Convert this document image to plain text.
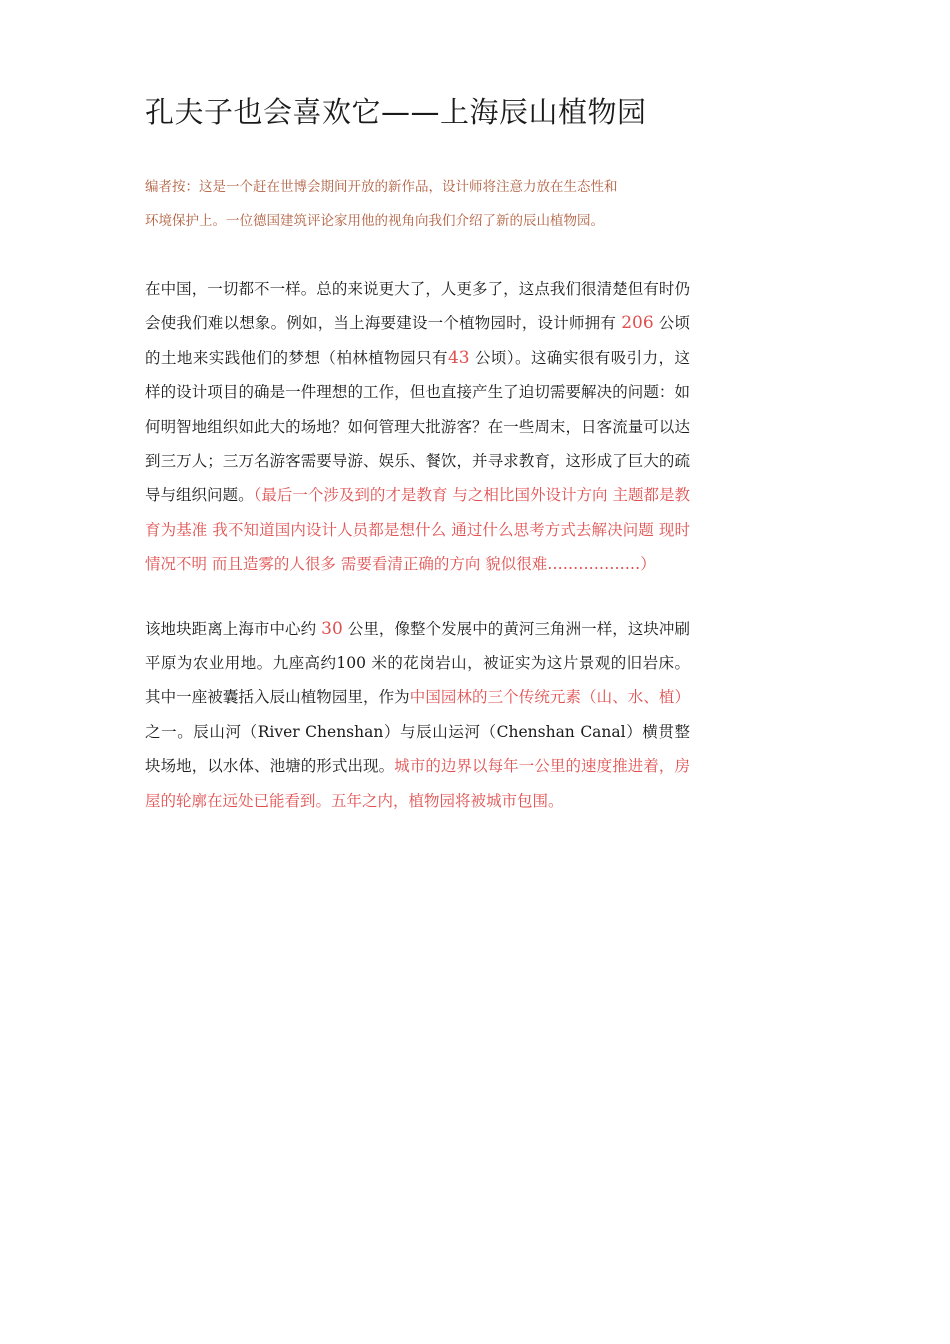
孔夫子也会喜欢它——上海辰山植物园
编者按：这是一个赶在世博会期间开放的新作品，设计师将注意力放在生态性和环境保护上。一位德国建筑评论家用他的视角向我们介绍了新的辰山植物园。
在中国，一切都不一样。总的来说更大了，人更多了，这点我们很清楚但有时仍会使我们难以想象。例如，当上海要建设一个植物园时，设计师拥有 206 公顷的土地来实践他们的梦想（柏林植物园只有43 公顷）。这确实很有吸引力，这样的设计项目的确是一件理想的工作，但也直接产生了迫切需要解决的问题：如何明智地组织如此大的场地？如何管理大批游客？在一些周末，日客流量可以达到三万人；三万名游客需要导游、娱乐、餐饮，并寻求教育，这形成了巨大的疏导与组织问题。（最后一个涉及到的才是教育 与之相比国外设计方向 主题都是教育为基准 我不知道国内设计人员都是想什么 通过什么思考方式去解决问题 现时情况不明 而且造雾的人很多 需要看清正确的方向 貌似很难………………）
该地块距离上海市中心约 30 公里，像整个发展中的黄河三角洲一样，这块冲刷平原为农业用地。九座高约100 米的花岗岩山，被证实为这片景观的旧岩床。其中一座被囊括入辰山植物园里，作为中国园林的三个传统元素（山、水、植）之一。辰山河（River Chenshan）与辰山运河（Chenshan Canal）横贯整块场地，以水体、池塘的形式出现。城市的边界以每年一公里的速度推进着，房屋的轮廓在远处已能看到。五年之内，植物园将被城市包围。
